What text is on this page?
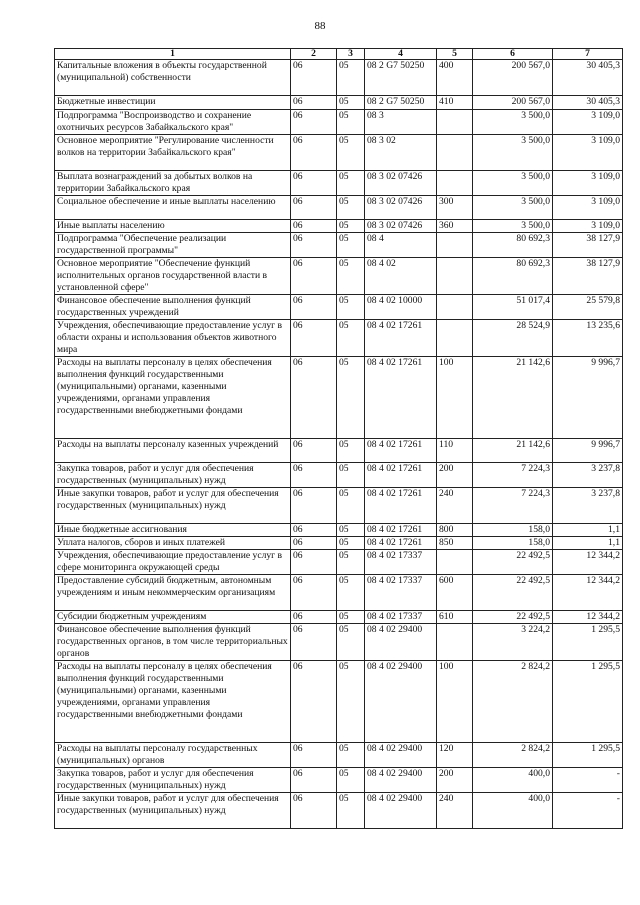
88
1	2	3	4	5	6	7
Капитальные вложения в объекты государственной (муниципальной) собственности	06	05	08 2 G7 50250	400	200 567,0	30 405,3
Бюджетные инвестиции	06	05	08 2 G7 50250	410	200 567,0	30 405,3
Подпрограмма "Воспроизводство и сохранение охотничьих ресурсов Забайкальского края"	06	05	08 3		3 500,0	3 109,0
Основное мероприятие "Регулирование численности волков на территории Забайкальского края"	06	05	08 3 02		3 500,0	3 109,0
Выплата вознаграждений за добытых волков на территории Забайкальского края	06	05	08 3 02 07426		3 500,0	3 109,0
Социальное обеспечение и иные выплаты населению	06	05	08 3 02 07426	300	3 500,0	3 109,0
Иные выплаты населению	06	05	08 3 02 07426	360	3 500,0	3 109,0
Подпрограмма "Обеспечение реализации государственной программы"	06	05	08 4		80 692,3	38 127,9
Основное мероприятие "Обеспечение функций исполнительных органов государственной власти в установленной сфере"	06	05	08 4 02		80 692,3	38 127,9
Финансовое обеспечение выполнения функций государственных учреждений	06	05	08 4 02 10000		51 017,4	25 579,8
Учреждения, обеспечивающие предоставление услуг в области охраны и использования объектов животного мира	06	05	08 4 02 17261		28 524,9	13 235,6
Расходы на выплаты персоналу в целях обеспечения выполнения функций государственными (муниципальными) органами, казенными учреждениями, органами управления государственными внебюджетными фондами	06	05	08 4 02 17261	100	21 142,6	9 996,7
Расходы на выплаты персоналу казенных учреждений	06	05	08 4 02 17261	110	21 142,6	9 996,7
Закупка товаров, работ и услуг для обеспечения государственных (муниципальных) нужд	06	05	08 4 02 17261	200	7 224,3	3 237,8
Иные закупки товаров, работ и услуг для обеспечения государственных (муниципальных) нужд	06	05	08 4 02 17261	240	7 224,3	3 237,8
Иные бюджетные ассигнования	06	05	08 4 02 17261	800	158,0	1,1
Уплата налогов, сборов и иных платежей	06	05	08 4 02 17261	850	158,0	1,1
Учреждения, обеспечивающие предоставление услуг в сфере мониторинга окружающей среды	06	05	08 4 02 17337		22 492,5	12 344,2
Предоставление субсидий бюджетным, автономным учреждениям и иным некоммерческим организациям	06	05	08 4 02 17337	600	22 492,5	12 344,2
Субсидии бюджетным учреждениям	06	05	08 4 02 17337	610	22 492,5	12 344,2
Финансовое обеспечение выполнения функций государственных органов, в том числе территориальных органов	06	05	08 4 02 29400		3 224,2	1 295,5
Расходы на выплаты персоналу в целях обеспечения выполнения функций государственными (муниципальными) органами, казенными учреждениями, органами управления государственными внебюджетными фондами	06	05	08 4 02 29400	100	2 824,2	1 295,5
Расходы на выплаты персоналу государственных (муниципальных) органов	06	05	08 4 02 29400	120	2 824,2	1 295,5
Закупка товаров, работ и услуг для обеспечения государственных (муниципальных) нужд	06	05	08 4 02 29400	200	400,0	-
Иные закупки товаров, работ и услуг для обеспечения государственных (муниципальных) нужд	06	05	08 4 02 29400	240	400,0	-
